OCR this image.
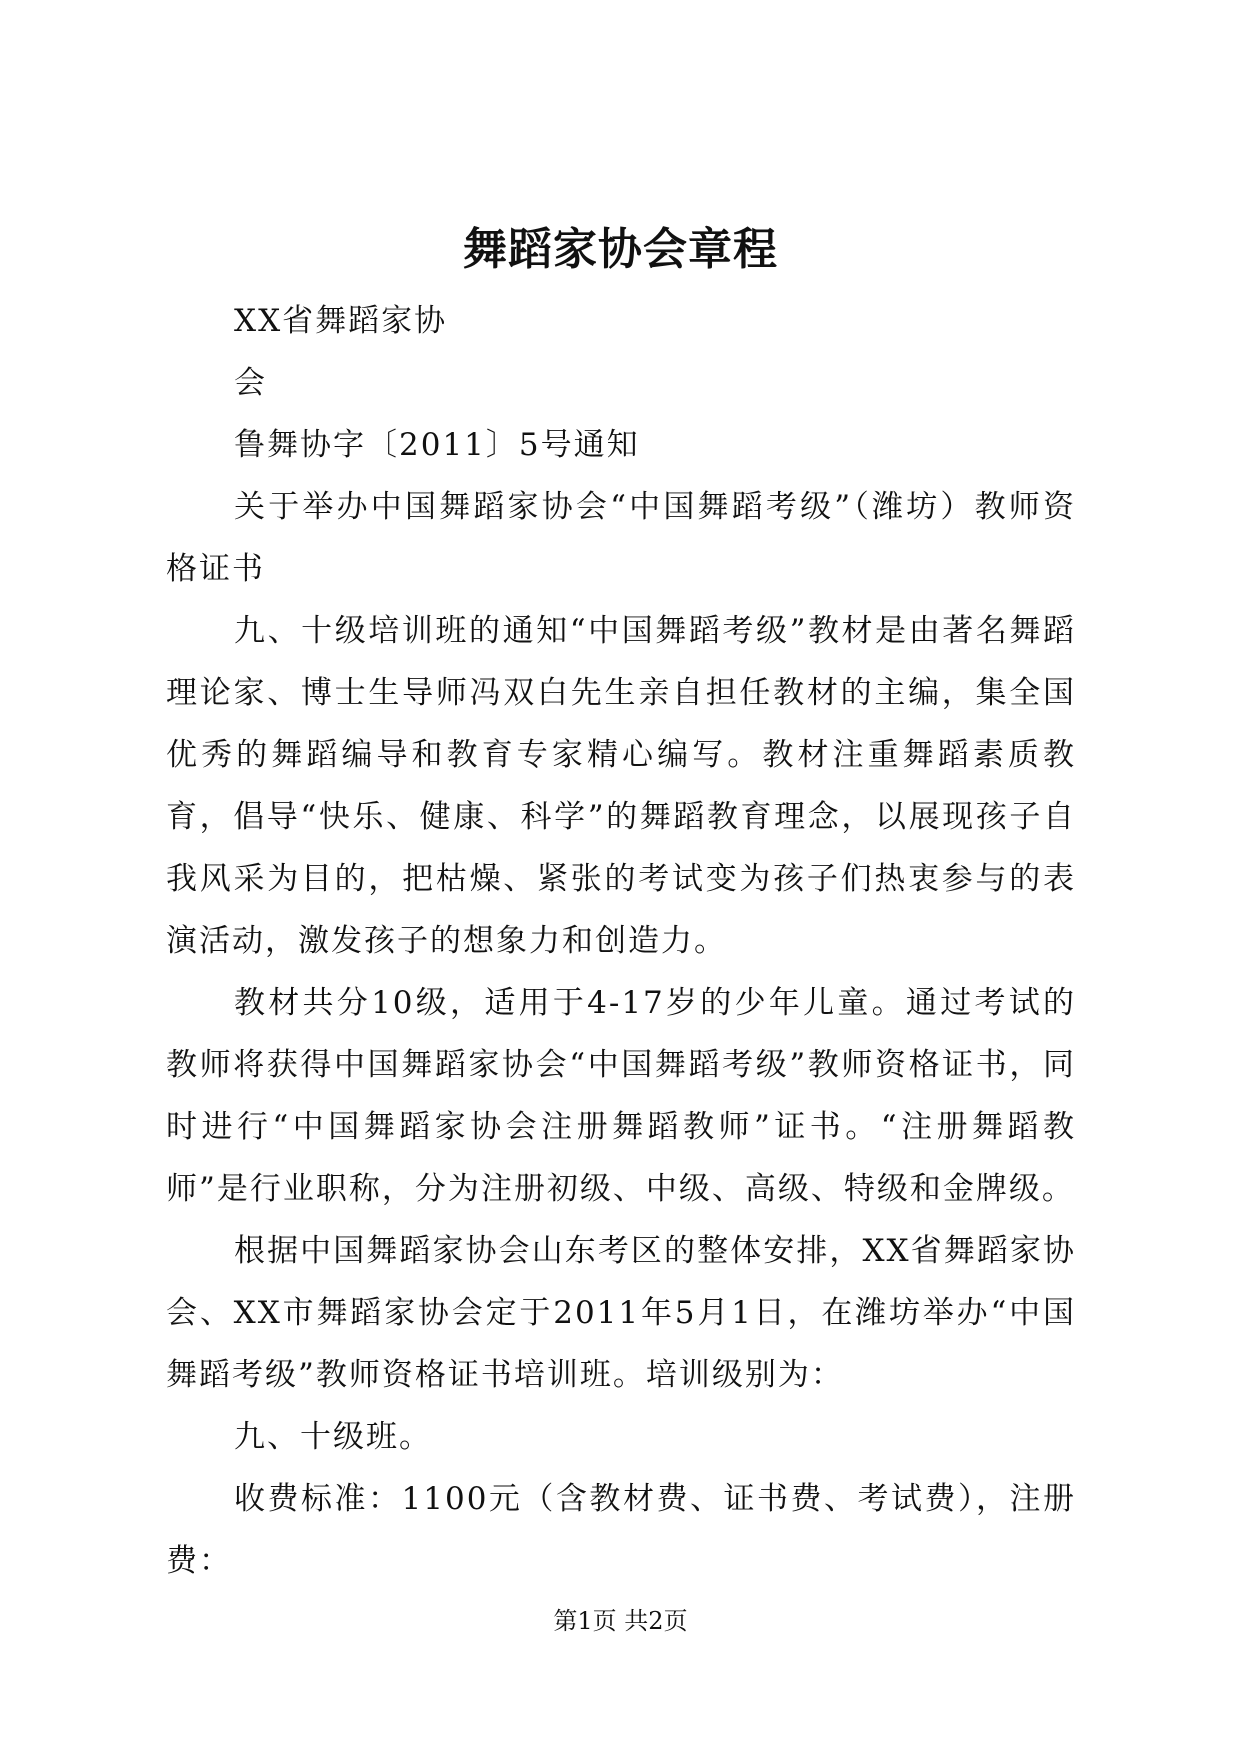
舞蹈家协会章程

XX省舞蹈家协

会

鲁舞协字〔2011〕5号通知

关于举办中国舞蹈家协会“中国舞蹈考级”（潍坊）教师资格证书

九、十级培训班的通知“中国舞蹈考级”教材是由著名舞蹈理论家、博士生导师冯双白先生亲自担任教材的主编，集全国优秀的舞蹈编导和教育专家精心编写。教材注重舞蹈素质教育，倡导“快乐、健康、科学”的舞蹈教育理念，以展现孩子自我风采为目的，把枯燥、紧张的考试变为孩子们热衷参与的表演活动，激发孩子的想象力和创造力。

教材共分10级，适用于4-17岁的少年儿童。通过考试的教师将获得中国舞蹈家协会“中国舞蹈考级”教师资格证书，同时进行“中国舞蹈家协会注册舞蹈教师”证书。“注册舞蹈教师”是行业职称，分为注册初级、中级、高级、特级和金牌级。

根据中国舞蹈家协会山东考区的整体安排，XX省舞蹈家协会、XX市舞蹈家协会定于2011年5月1日，在潍坊举办“中国舞蹈考级”教师资格证书培训班。培训级别为：

九、十级班。

收费标准：1100元（含教材费、证书费、考试费），注册费：

第1页 共2页
